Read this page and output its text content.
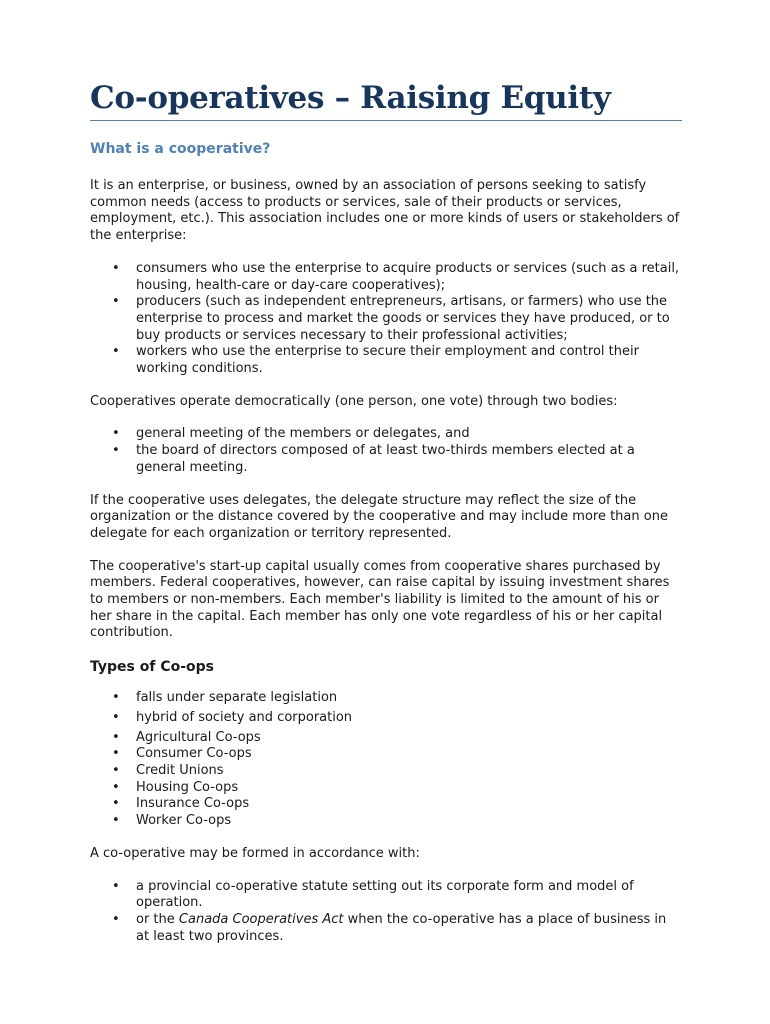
Co-operatives – Raising Equity
What is a cooperative?

It is an enterprise, or business, owned by an association of persons seeking to satisfy common needs (access to products or services, sale of their products or services, employment, etc.). This association includes one or more kinds of users or stakeholders of the enterprise:

• consumers who use the enterprise to acquire products or services (such as a retail, housing, health-care or day-care cooperatives);
• producers (such as independent entrepreneurs, artisans, or farmers) who use the enterprise to process and market the goods or services they have produced, or to buy products or services necessary to their professional activities;
• workers who use the enterprise to secure their employment and control their working conditions.

Cooperatives operate democratically (one person, one vote) through two bodies:

• general meeting of the members or delegates, and
• the board of directors composed of at least two-thirds members elected at a general meeting.

If the cooperative uses delegates, the delegate structure may reflect the size of the organization or the distance covered by the cooperative and may include more than one delegate for each organization or territory represented.

The cooperative's start-up capital usually comes from cooperative shares purchased by members. Federal cooperatives, however, can raise capital by issuing investment shares to members or non-members. Each member's liability is limited to the amount of his or her share in the capital. Each member has only one vote regardless of his or her capital contribution.

Types of Co-ops
• falls under separate legislation
• hybrid of society and corporation
• Agricultural Co-ops
• Consumer Co-ops
• Credit Unions
• Housing Co-ops
• Insurance Co-ops
• Worker Co-ops

A co-operative may be formed in accordance with:

• a provincial co-operative statute setting out its corporate form and model of operation.
• or the Canada Cooperatives Act when the co-operative has a place of business in at least two provinces.
